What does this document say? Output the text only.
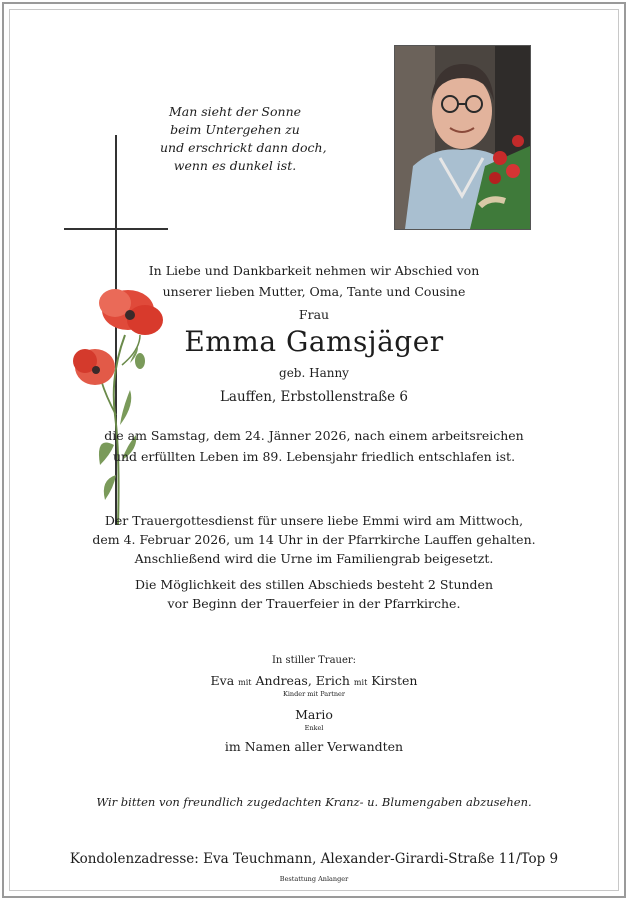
Man sieht der Sonne
beim Untergehen zu
und erschrickt dann doch,
wenn es dunkel ist.
In Liebe und Dankbarkeit nehmen wir Abschied von
unserer lieben Mutter, Oma, Tante und Cousine
Frau
Emma Gamsjäger
geb. Hanny
Lauffen, Erbstollenstraße 6
die am Samstag, dem 24. Jänner 2026, nach einem arbeitsreichen
und erfüllten Leben im 89. Lebensjahr friedlich entschlafen ist.
Der Trauergottesdienst für unsere liebe Emmi wird am Mittwoch,
dem 4. Februar 2026, um 14 Uhr in der Pfarrkirche Lauffen gehalten.
Anschließend wird die Urne im Familiengrab beigesetzt.
Die Möglichkeit des stillen Abschieds besteht 2 Stunden
vor Beginn der Trauerfeier in der Pfarrkirche.
In stiller Trauer:
Eva mit Andreas, Erich mit Kirsten
Kinder mit Partner
Mario
Enkel
im Namen aller Verwandten
Wir bitten von freundlich zugedachten Kranz- u. Blumengaben abzusehen.
Kondolenzadresse: Eva Teuchmann, Alexander-Girardi-Straße 11/Top 9
Bestattung Anlanger
